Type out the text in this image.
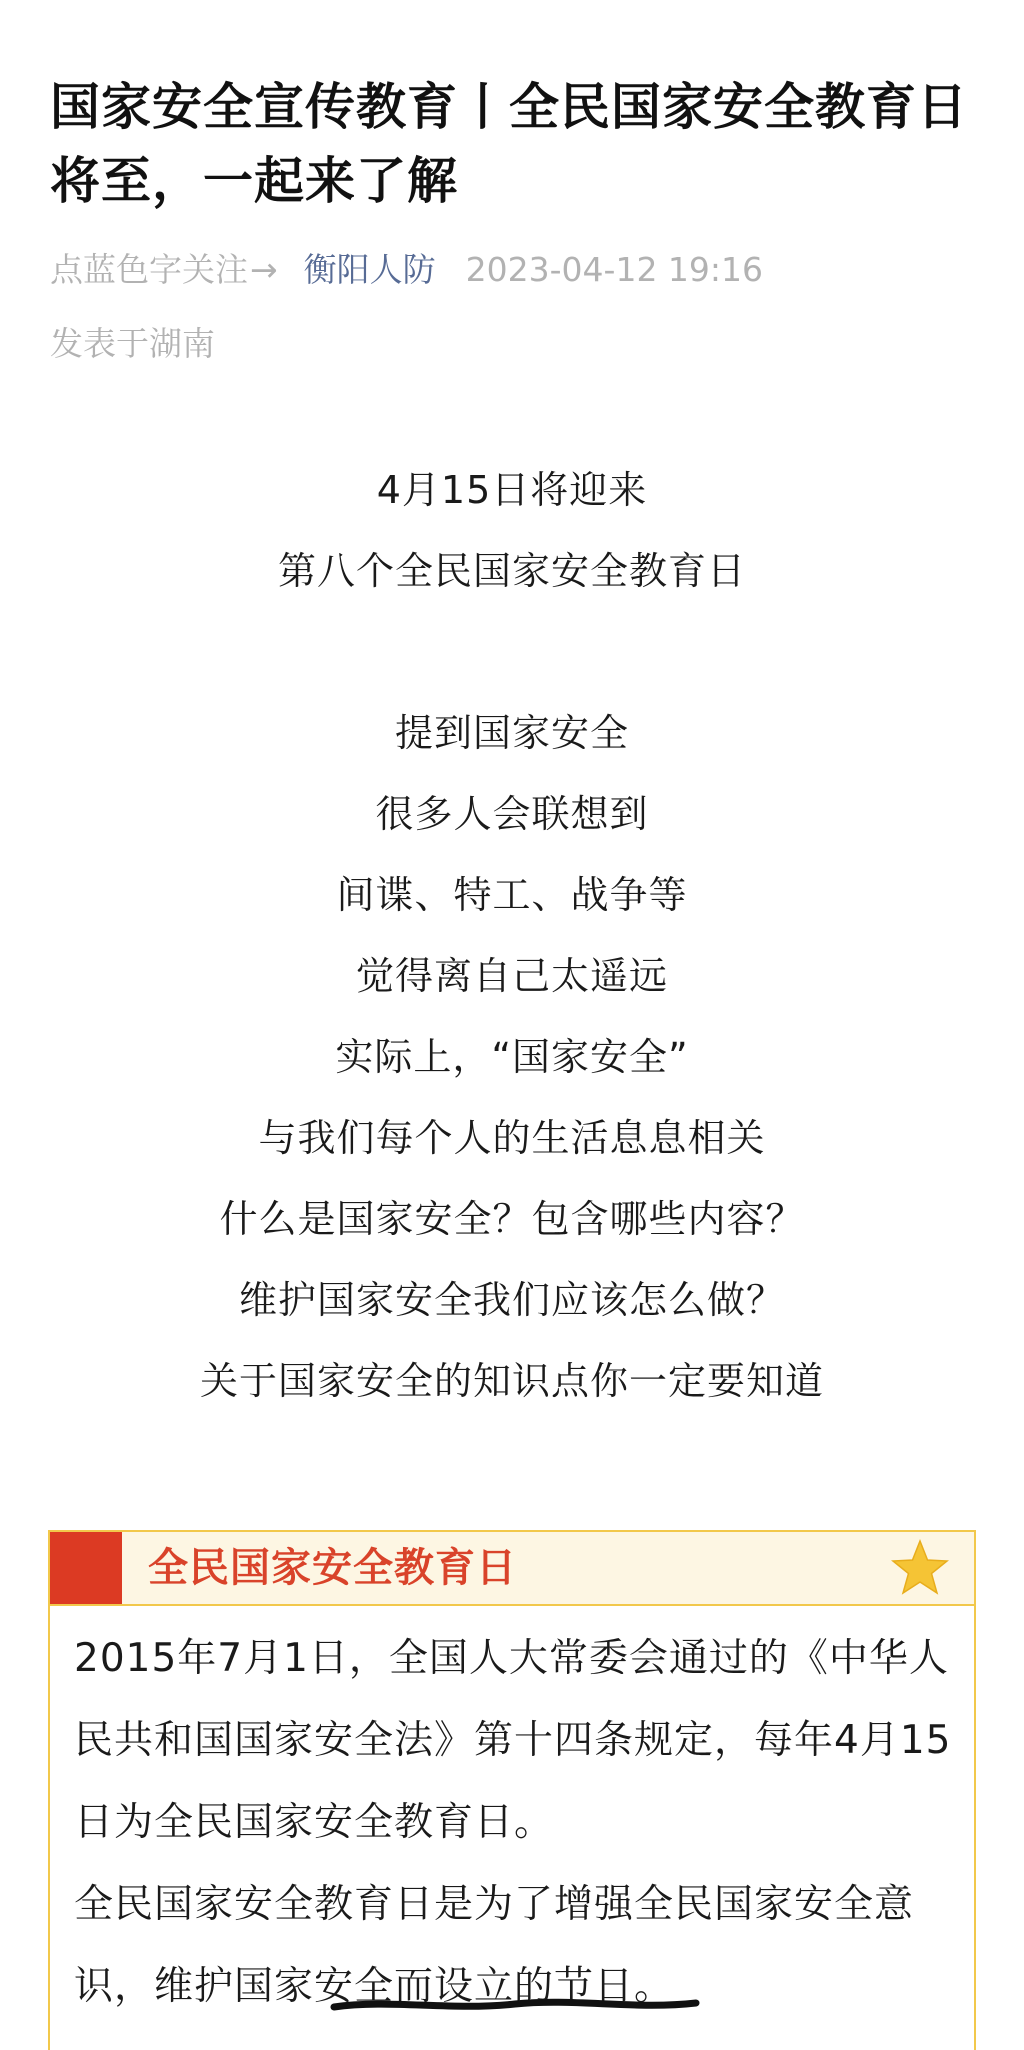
国家安全宣传教育丨全民国家安全教育日将至，一起来了解
点蓝色字关注→ 衡阳人防 2023-04-12 19:16
发表于湖南
4月15日将迎来
第八个全民国家安全教育日
提到国家安全
很多人会联想到
间谍、特工、战争等
觉得离自己太遥远
实际上，“国家安全”
与我们每个人的生活息息相关
什么是国家安全？包含哪些内容？
维护国家安全我们应该怎么做？
关于国家安全的知识点你一定要知道
全民国家安全教育日

2015年7月1日，全国人大常委会通过的《中华人民共和国国家安全法》第十四条规定，每年4月15日为全民国家安全教育日。

全民国家安全教育日是为了增强全民国家安全意识，维护国家安全而设立的节日。
